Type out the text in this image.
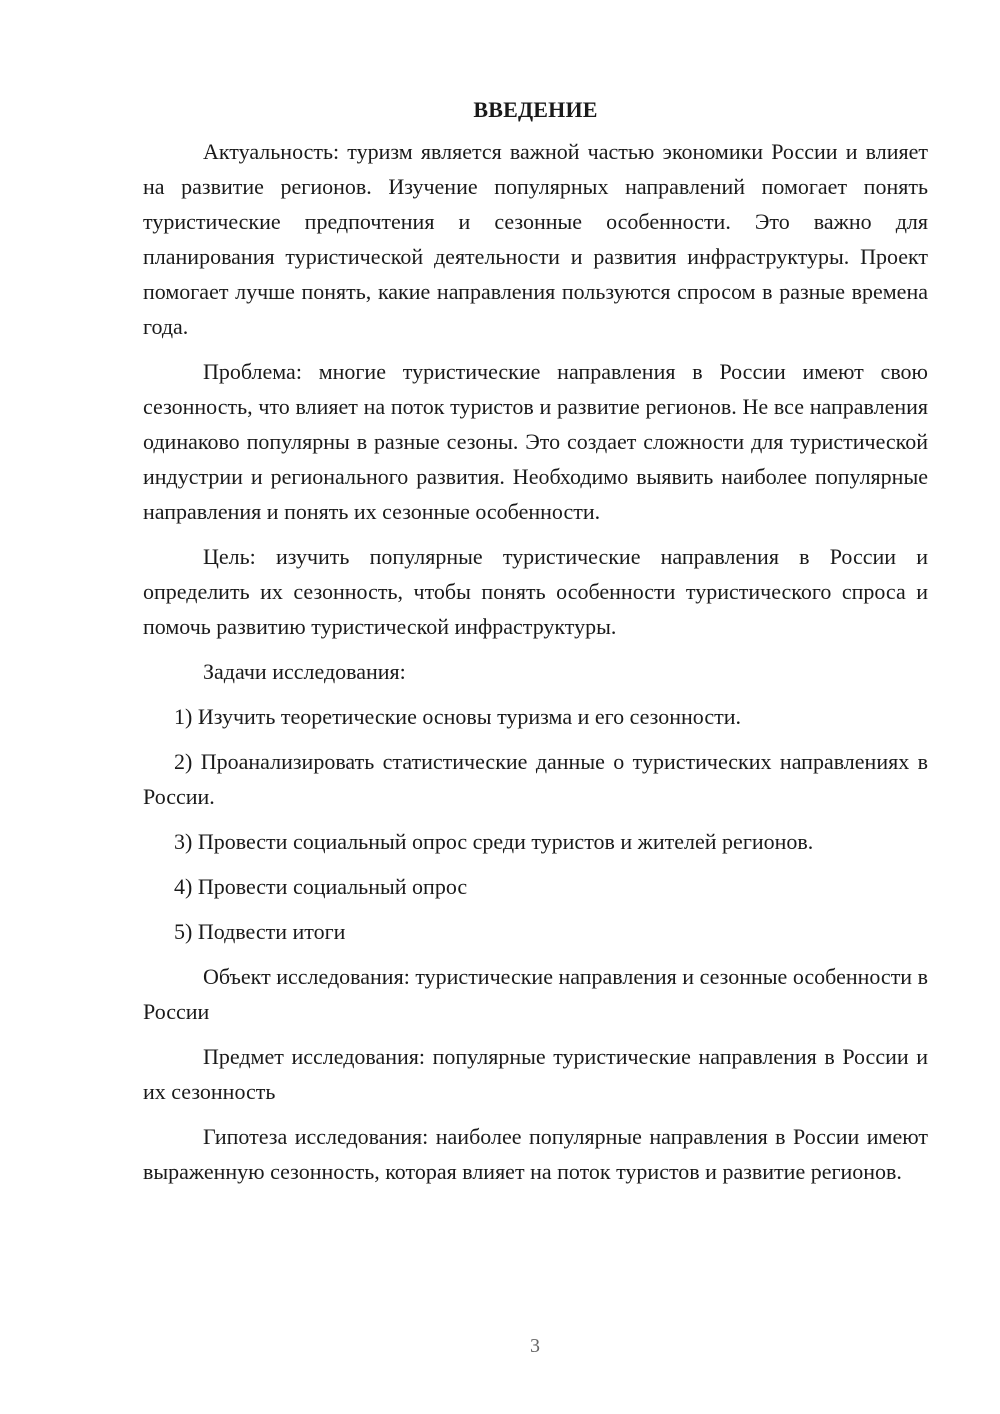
ВВЕДЕНИЕ

Актуальность: туризм является важной частью экономики России и влияет на развитие регионов. Изучение популярных направлений помогает понять туристические предпочтения и сезонные особенности. Это важно для планирования туристической деятельности и развития инфраструктуры. Проект помогает лучше понять, какие направления пользуются спросом в разные времена года.

Проблема: многие туристические направления в России имеют свою сезонность, что влияет на поток туристов и развитие регионов. Не все направления одинаково популярны в разные сезоны. Это создает сложности для туристической индустрии и регионального развития. Необходимо выявить наиболее популярные направления и понять их сезонные особенности.

Цель: изучить популярные туристические направления в России и определить их сезонность, чтобы понять особенности туристического спроса и помочь развитию туристической инфраструктуры.

Задачи исследования:

1) Изучить теоретические основы туризма и его сезонности.

2) Проанализировать статистические данные о туристических направлениях в России.

3) Провести социальный опрос среди туристов и жителей регионов.

4) Провести социальный опрос

5) Подвести итоги

Объект исследования: туристические направления и сезонные особенности в России

Предмет исследования: популярные туристические направления в России и их сезонность

Гипотеза исследования: наиболее популярные направления в России имеют выраженную сезонность, которая влияет на поток туристов и развитие регионов.

3
